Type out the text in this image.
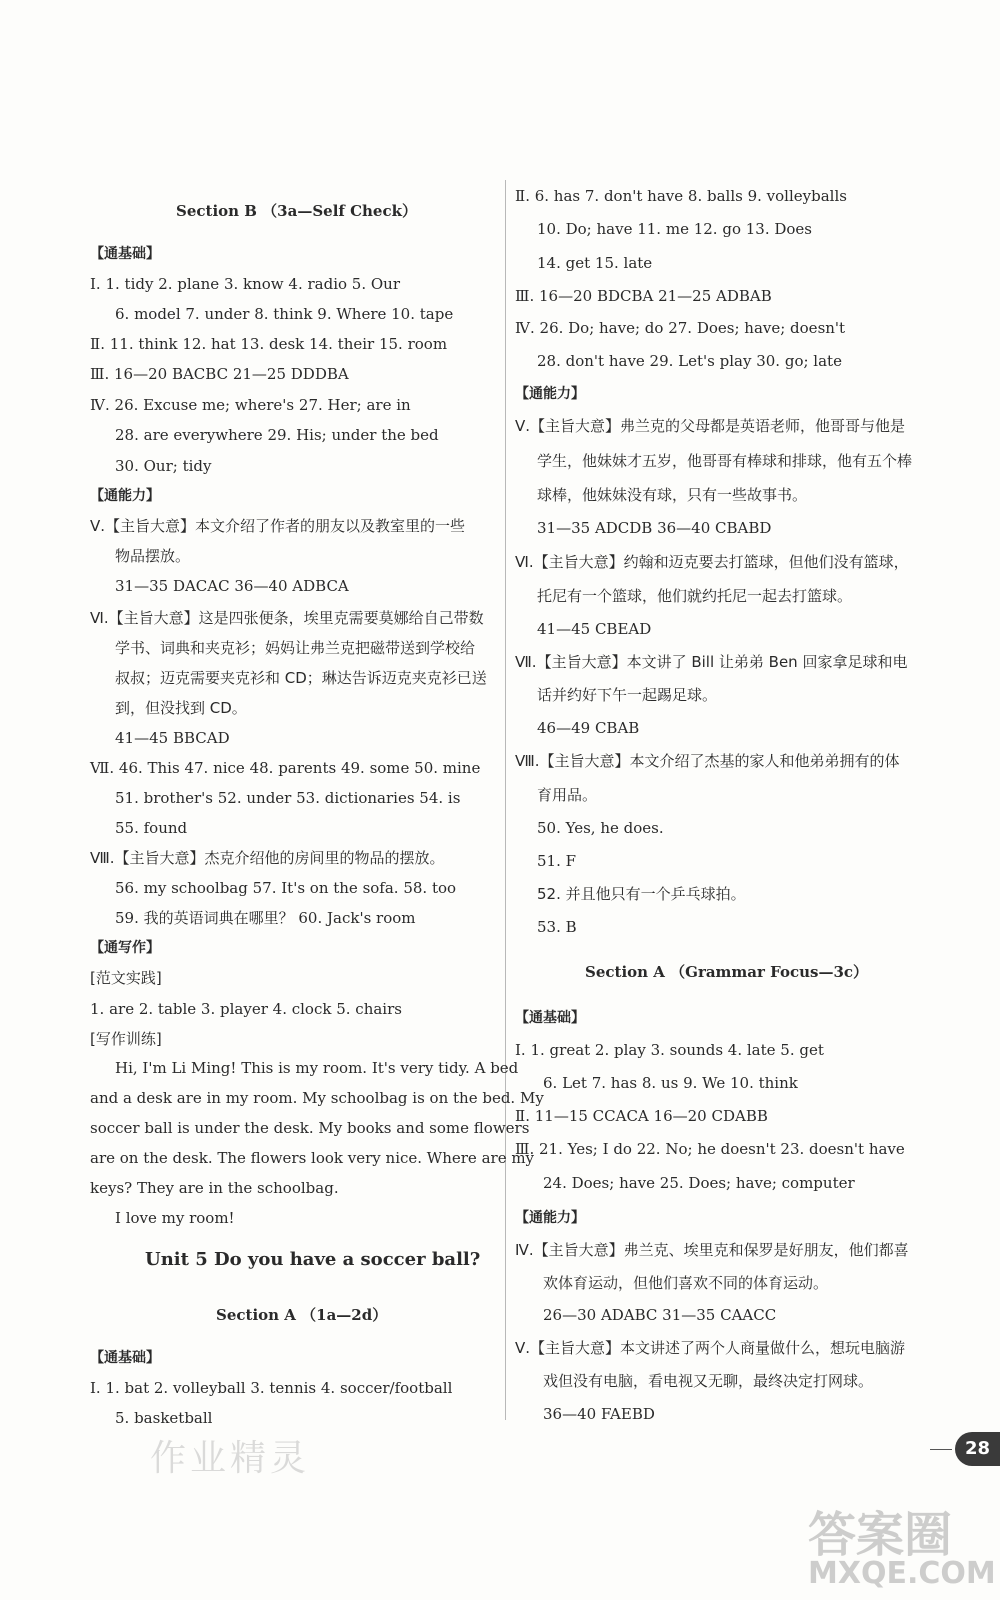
Section B （3a—Self Check）
【通基础】
Ⅰ. 1. tidy 2. plane 3. know 4. radio 5. Our
6. model 7. under 8. think 9. Where 10. tape
Ⅱ. 11. think 12. hat 13. desk 14. their 15. room
Ⅲ. 16—20 BACBC 21—25 DDDBA
Ⅳ. 26. Excuse me; where's 27. Her; are in
28. are everywhere 29. His; under the bed
30. Our; tidy
【通能力】
Ⅴ.【主旨大意】本文介绍了作者的朋友以及教室里的一些
物品摆放。
31—35 DACAC 36—40 ADBCA
Ⅵ.【主旨大意】这是四张便条，埃里克需要莫娜给自己带数
学书、词典和夹克衫；妈妈让弗兰克把磁带送到学校给
叔叔；迈克需要夹克衫和 CD；琳达告诉迈克夹克衫已送
到，但没找到 CD。
41—45 BBCAD
Ⅶ. 46. This 47. nice 48. parents 49. some 50. mine
51. brother's 52. under 53. dictionaries 54. is
55. found
Ⅷ.【主旨大意】杰克介绍他的房间里的物品的摆放。
56. my schoolbag 57. It's on the sofa. 58. too
59. 我的英语词典在哪里？ 60. Jack's room
【通写作】
[范文实践]
1. are 2. table 3. player 4. clock 5. chairs
[写作训练]
Hi, I'm Li Ming! This is my room. It's very tidy. A bed
and a desk are in my room. My schoolbag is on the bed. My
soccer ball is under the desk. My books and some flowers
are on the desk. The flowers look very nice. Where are my
keys? They are in the schoolbag.
I love my room!
Unit 5 Do you have a soccer ball?
Section A （1a—2d）
【通基础】
Ⅰ. 1. bat 2. volleyball 3. tennis 4. soccer/football
5. basketball
Ⅱ. 6. has 7. don't have 8. balls 9. volleyballs
10. Do; have 11. me 12. go 13. Does
14. get 15. late
Ⅲ. 16—20 BDCBA 21—25 ADBAB
Ⅳ. 26. Do; have; do 27. Does; have; doesn't
28. don't have 29. Let's play 30. go; late
【通能力】
Ⅴ.【主旨大意】弗兰克的父母都是英语老师，他哥哥与他是
学生，他妹妹才五岁，他哥哥有棒球和排球，他有五个棒
球棒，他妹妹没有球，只有一些故事书。
31—35 ADCDB 36—40 CBABD
Ⅵ.【主旨大意】约翰和迈克要去打篮球，但他们没有篮球，
托尼有一个篮球，他们就约托尼一起去打篮球。
41—45 CBEAD
Ⅶ.【主旨大意】本文讲了 Bill 让弟弟 Ben 回家拿足球和电
话并约好下午一起踢足球。
46—49 CBAB
Ⅷ.【主旨大意】本文介绍了杰基的家人和他弟弟拥有的体
育用品。
50. Yes, he does.
51. F
52. 并且他只有一个乒乓球拍。
53. B
Section A （Grammar Focus—3c）
【通基础】
Ⅰ. 1. great 2. play 3. sounds 4. late 5. get
6. Let 7. has 8. us 9. We 10. think
Ⅱ. 11—15 CCACA 16—20 CDABB
Ⅲ. 21. Yes; I do 22. No; he doesn't 23. doesn't have
24. Does; have 25. Does; have; computer
【通能力】
Ⅳ.【主旨大意】弗兰克、埃里克和保罗是好朋友，他们都喜
欢体育运动，但他们喜欢不同的体育运动。
26—30 ADABC 31—35 CAACC
Ⅴ.【主旨大意】本文讲述了两个人商量做什么，想玩电脑游
戏但没有电脑，看电视又无聊，最终决定打网球。
36—40 FAEBD
28
作业精灵
答案圈
MXQE.COM
